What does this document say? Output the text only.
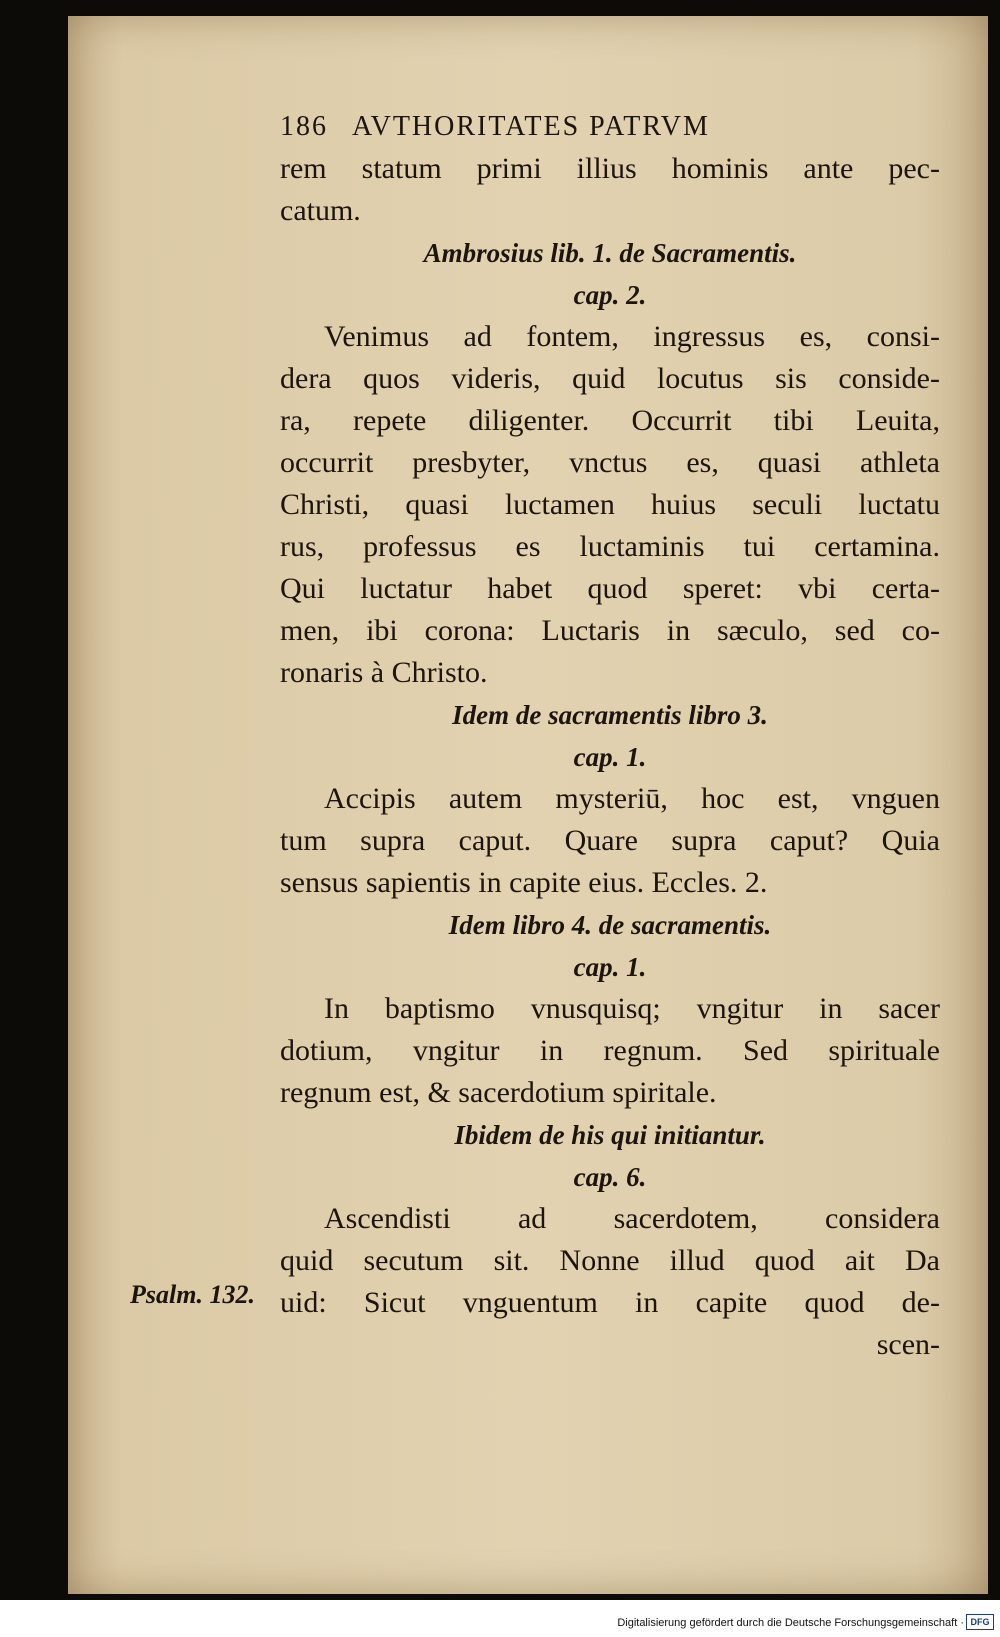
186 AVTHORITATES PATRVM
rem statum primi illius hominis ante pec-
catum.
Ambrosius lib. 1. de Sacramentis.
cap. 2.
Venimus ad fontem, ingressus es, consi-
dera quos videris, quid locutus sis conside-
ra, repete diligenter. Occurrit tibi Leuita,
occurrit presbyter, vnctus es, quasi athleta
Christi, quasi luctamen huius seculi luctatu
rus, professus es luctaminis tui certamina.
Qui luctatur habet quod speret: vbi certa-
men, ibi corona: Luctaris in sæculo, sed co-
ronaris à Christo.
Idem de sacramentis libro 3.
cap. 1.
Accipis autem mysteriū, hoc est, vnguen
tum supra caput. Quare supra caput? Quia
sensus sapientis in capite eius. Eccles. 2.
Idem libro 4. de sacramentis.
cap. 1.
In baptismo vnusquisq; vngitur in sacer
dotium, vngitur in regnum. Sed spirituale
regnum est, & sacerdotium spiritale.
Ibidem de his qui initiantur.
cap. 6.
Ascendisti ad sacerdotem, considera
quid secutum sit. Nonne illud quod ait Da
uid: Sicut vnguentum in capite quod de-
scen-
Psalm. 132.
Digitalisierung gefördert durch die Deutsche Forschungsgemeinschaft · DFG
